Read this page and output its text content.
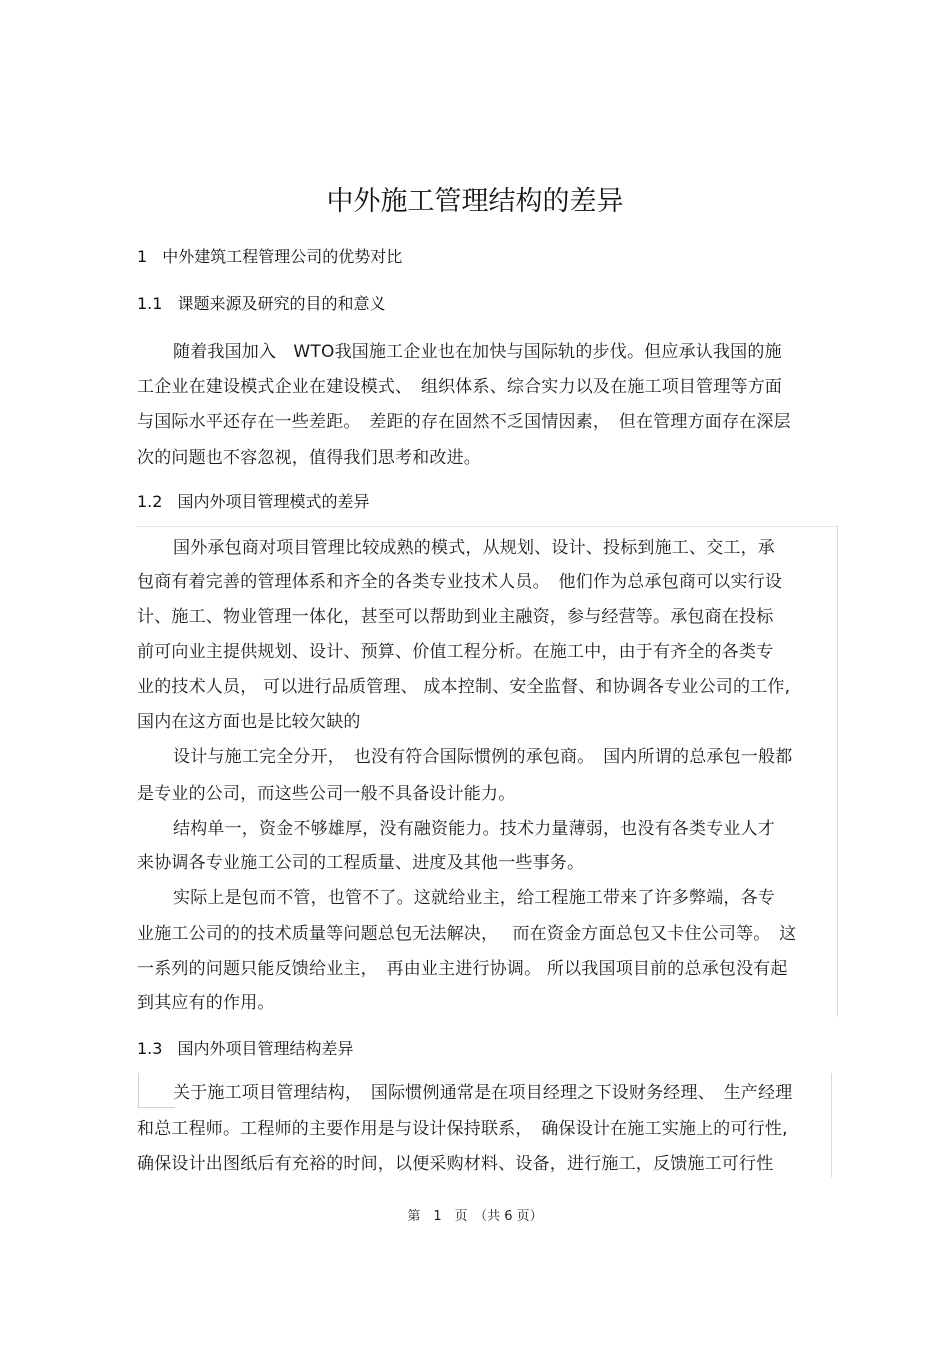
中外施工管理结构的差异
1 中外建筑工程管理公司的优势对比
1.1 课题来源及研究的目的和意义
随着我国加入　WTO我国施工企业也在加快与国际轨的步伐。但应承认我国的施
工企业在建设模式企业在建设模式、　组织体系、综合实力以及在施工项目管理等方面
与国际水平还存在一些差距。　差距的存在固然不乏国情因素，　但在管理方面存在深层
次的问题也不容忽视，值得我们思考和改进。
1.2 国内外项目管理模式的差异
国外承包商对项目管理比较成熟的模式，从规划、设计、投标到施工、交工，承
包商有着完善的管理体系和齐全的各类专业技术人员。　他们作为总承包商可以实行设
计、施工、物业管理一体化，甚至可以帮助到业主融资，参与经营等。承包商在投标
前可向业主提供规划、设计、预算、价值工程分析。在施工中，由于有齐全的各类专
业的技术人员， 可以进行品质管理、 成本控制、安全监督、和协调各专业公司的工作,
国内在这方面也是比较欠缺的
设计与施工完全分开，　也没有符合国际惯例的承包商。　国内所谓的总承包一般都
是专业的公司，而这些公司一般不具备设计能力。
结构单一，资金不够雄厚，没有融资能力。技术力量薄弱，也没有各类专业人才
来协调各专业施工公司的工程质量、进度及其他一些事务。
实际上是包而不管，也管不了。这就给业主，给工程施工带来了许多弊端，各专
业施工公司的的技术质量等问题总包无法解决，　 而在资金方面总包又卡住公司等。　这
一系列的问题只能反馈给业主，　再由业主进行协调。 所以我国项目前的总承包没有起
到其应有的作用。
1.3 国内外项目管理结构差异
关于施工项目管理结构，　国际惯例通常是在项目经理之下设财务经理、　生产经理
和总工程师。工程师的主要作用是与设计保持联系，　确保设计在施工实施上的可行性,
确保设计出图纸后有充裕的时间，以便采购材料、设备，进行施工，反馈施工可行性
第　1　页　（共 6 页）
